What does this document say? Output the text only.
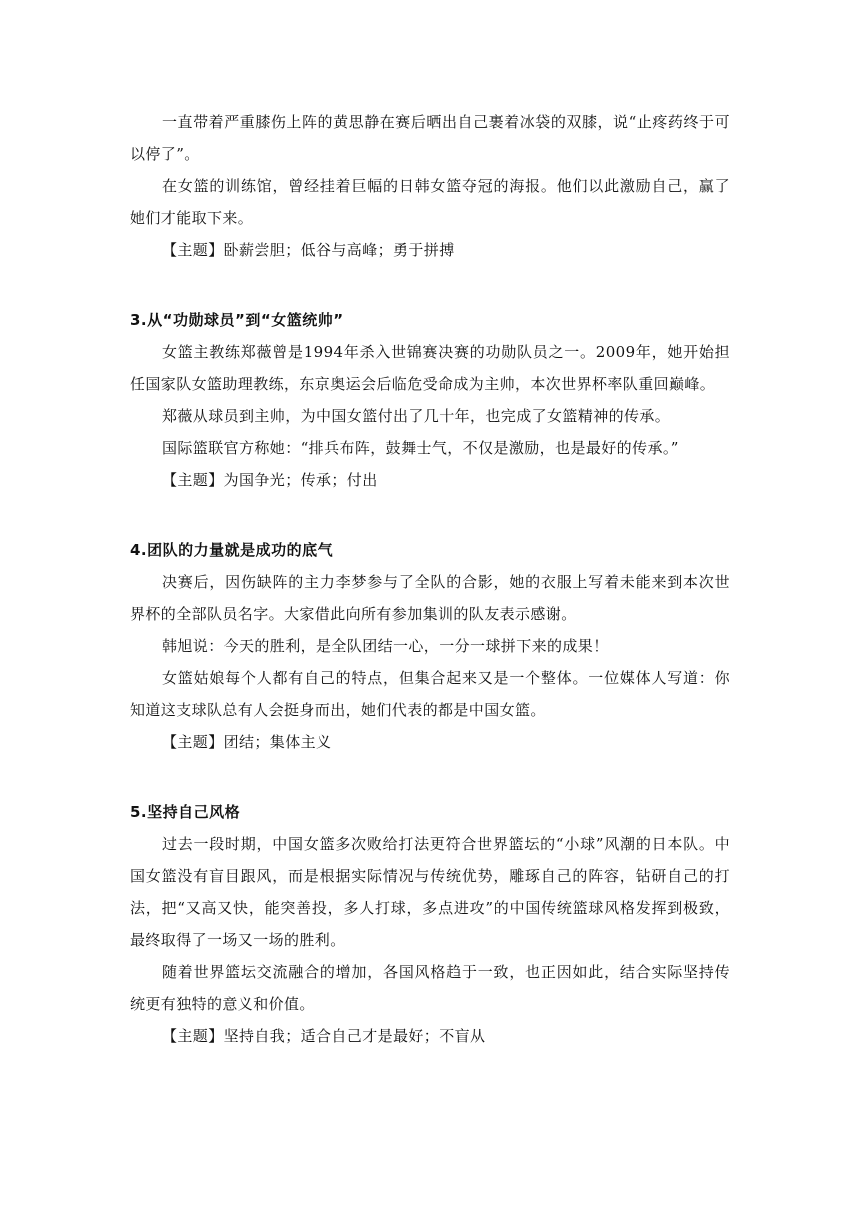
一直带着严重膝伤上阵的黄思静在赛后晒出自己裹着冰袋的双膝，说“止疼药终于可以停了”。

在女篮的训练馆，曾经挂着巨幅的日韩女篮夺冠的海报。他们以此激励自己，赢了她们才能取下来。

【主题】卧薪尝胆；低谷与高峰；勇于拼搏

3.从“功勋球员”到“女篮统帅”

女篮主教练郑薇曾是1994年杀入世锦赛决赛的功勋队员之一。2009年，她开始担任国家队女篮助理教练，东京奥运会后临危受命成为主帅，本次世界杯率队重回巅峰。

郑薇从球员到主帅，为中国女篮付出了几十年，也完成了女篮精神的传承。

国际篮联官方称她：“排兵布阵，鼓舞士气，不仅是激励，也是最好的传承。”

【主题】为国争光；传承；付出

4.团队的力量就是成功的底气

决赛后，因伤缺阵的主力李梦参与了全队的合影，她的衣服上写着未能来到本次世界杯的全部队员名字。大家借此向所有参加集训的队友表示感谢。

韩旭说：今天的胜利，是全队团结一心，一分一球拼下来的成果！

女篮姑娘每个人都有自己的特点，但集合起来又是一个整体。一位媒体人写道：你知道这支球队总有人会挺身而出，她们代表的都是中国女篮。

【主题】团结；集体主义

5.坚持自己风格

过去一段时期，中国女篮多次败给打法更符合世界篮坛的“小球”风潮的日本队。中国女篮没有盲目跟风，而是根据实际情况与传统优势，雕琢自己的阵容，钻研自己的打法，把“又高又快，能突善投，多人打球，多点进攻”的中国传统篮球风格发挥到极致，最终取得了一场又一场的胜利。

随着世界篮坛交流融合的增加，各国风格趋于一致，也正因如此，结合实际坚持传统更有独特的意义和价值。

【主题】坚持自我；适合自己才是最好；不盲从
